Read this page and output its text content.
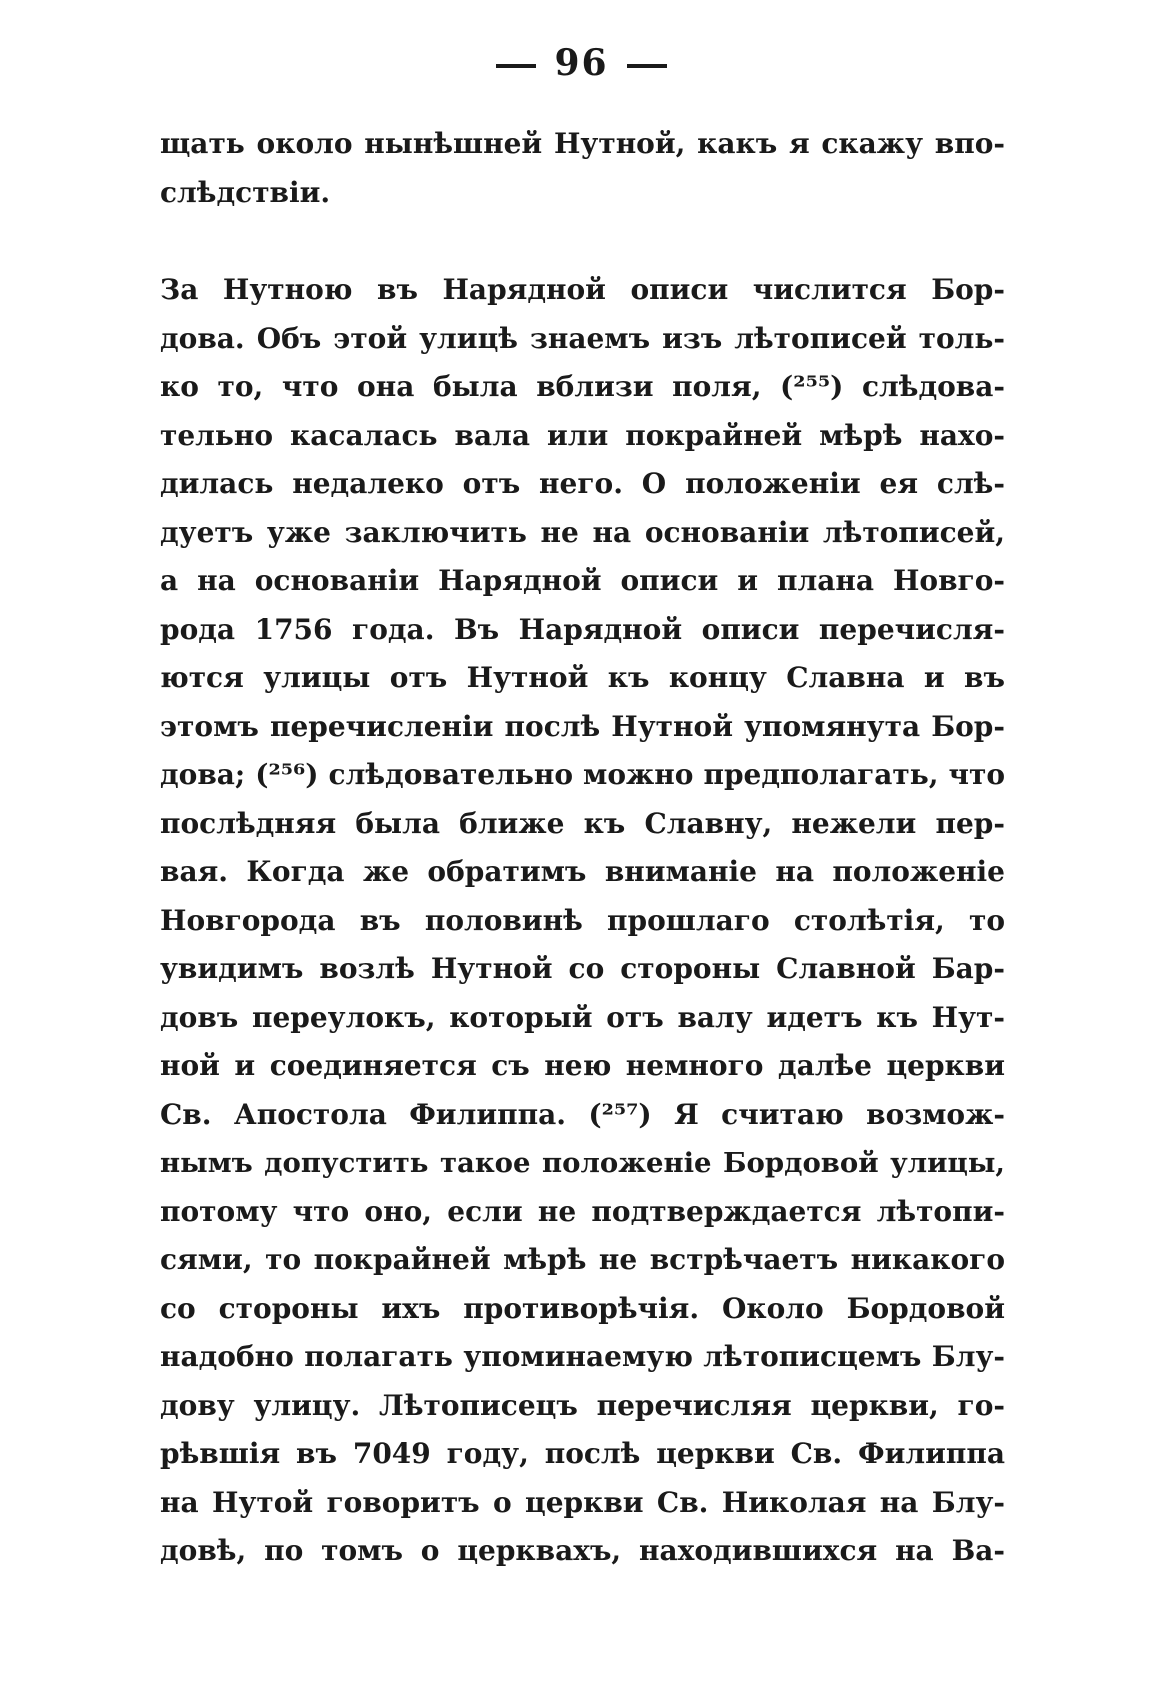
96
щать около нынѣшней Нутной, какъ я скажу впо-
слѣдствіи.
За Нутною въ Нарядной описи числится Бор-
дова. Объ этой улицѣ знаемъ изъ лѣтописей толь-
ко то, что она была вблизи поля, (²⁵⁵) слѣдова-
тельно касалась вала или покрайней мѣрѣ нахо-
дилась недалеко отъ него. О положеніи ея слѣ-
дуетъ уже заключить не на основаніи лѣтописей,
а на основаніи Нарядной описи и плана Новго-
рода 1756 года. Въ Нарядной описи перечисля-
ются улицы отъ Нутной къ концу Славна и въ
этомъ перечисленіи послѣ Нутной упомянута Бор-
дова; (²⁵⁶) слѣдовательно можно предполагать, что
послѣдняя была ближе къ Славну, нежели пер-
вая. Когда же обратимъ вниманіе на положеніе
Новгорода въ половинѣ прошлаго столѣтія, то
увидимъ возлѣ Нутной со стороны Славной Бар-
довъ переулокъ, который отъ валу идетъ къ Нут-
ной и соединяется съ нею немного далѣе церкви
Св. Апостола Филиппа. (²⁵⁷) Я считаю возмож-
нымъ допустить такое положеніе Бордовой улицы,
потому что оно, если не подтверждается лѣтопи-
сями, то покрайней мѣрѣ не встрѣчаетъ никакого
со стороны ихъ противорѣчія. Около Бордовой
надобно полагать упоминаемую лѣтописцемъ Блу-
дову улицу. Лѣтописецъ перечисляя церкви, го-
рѣвшія въ 7049 году, послѣ церкви Св. Филиппа
на Нутой говоритъ о церкви Св. Николая на Блу-
довѣ, по томъ о церквахъ, находившихся на Ва-
